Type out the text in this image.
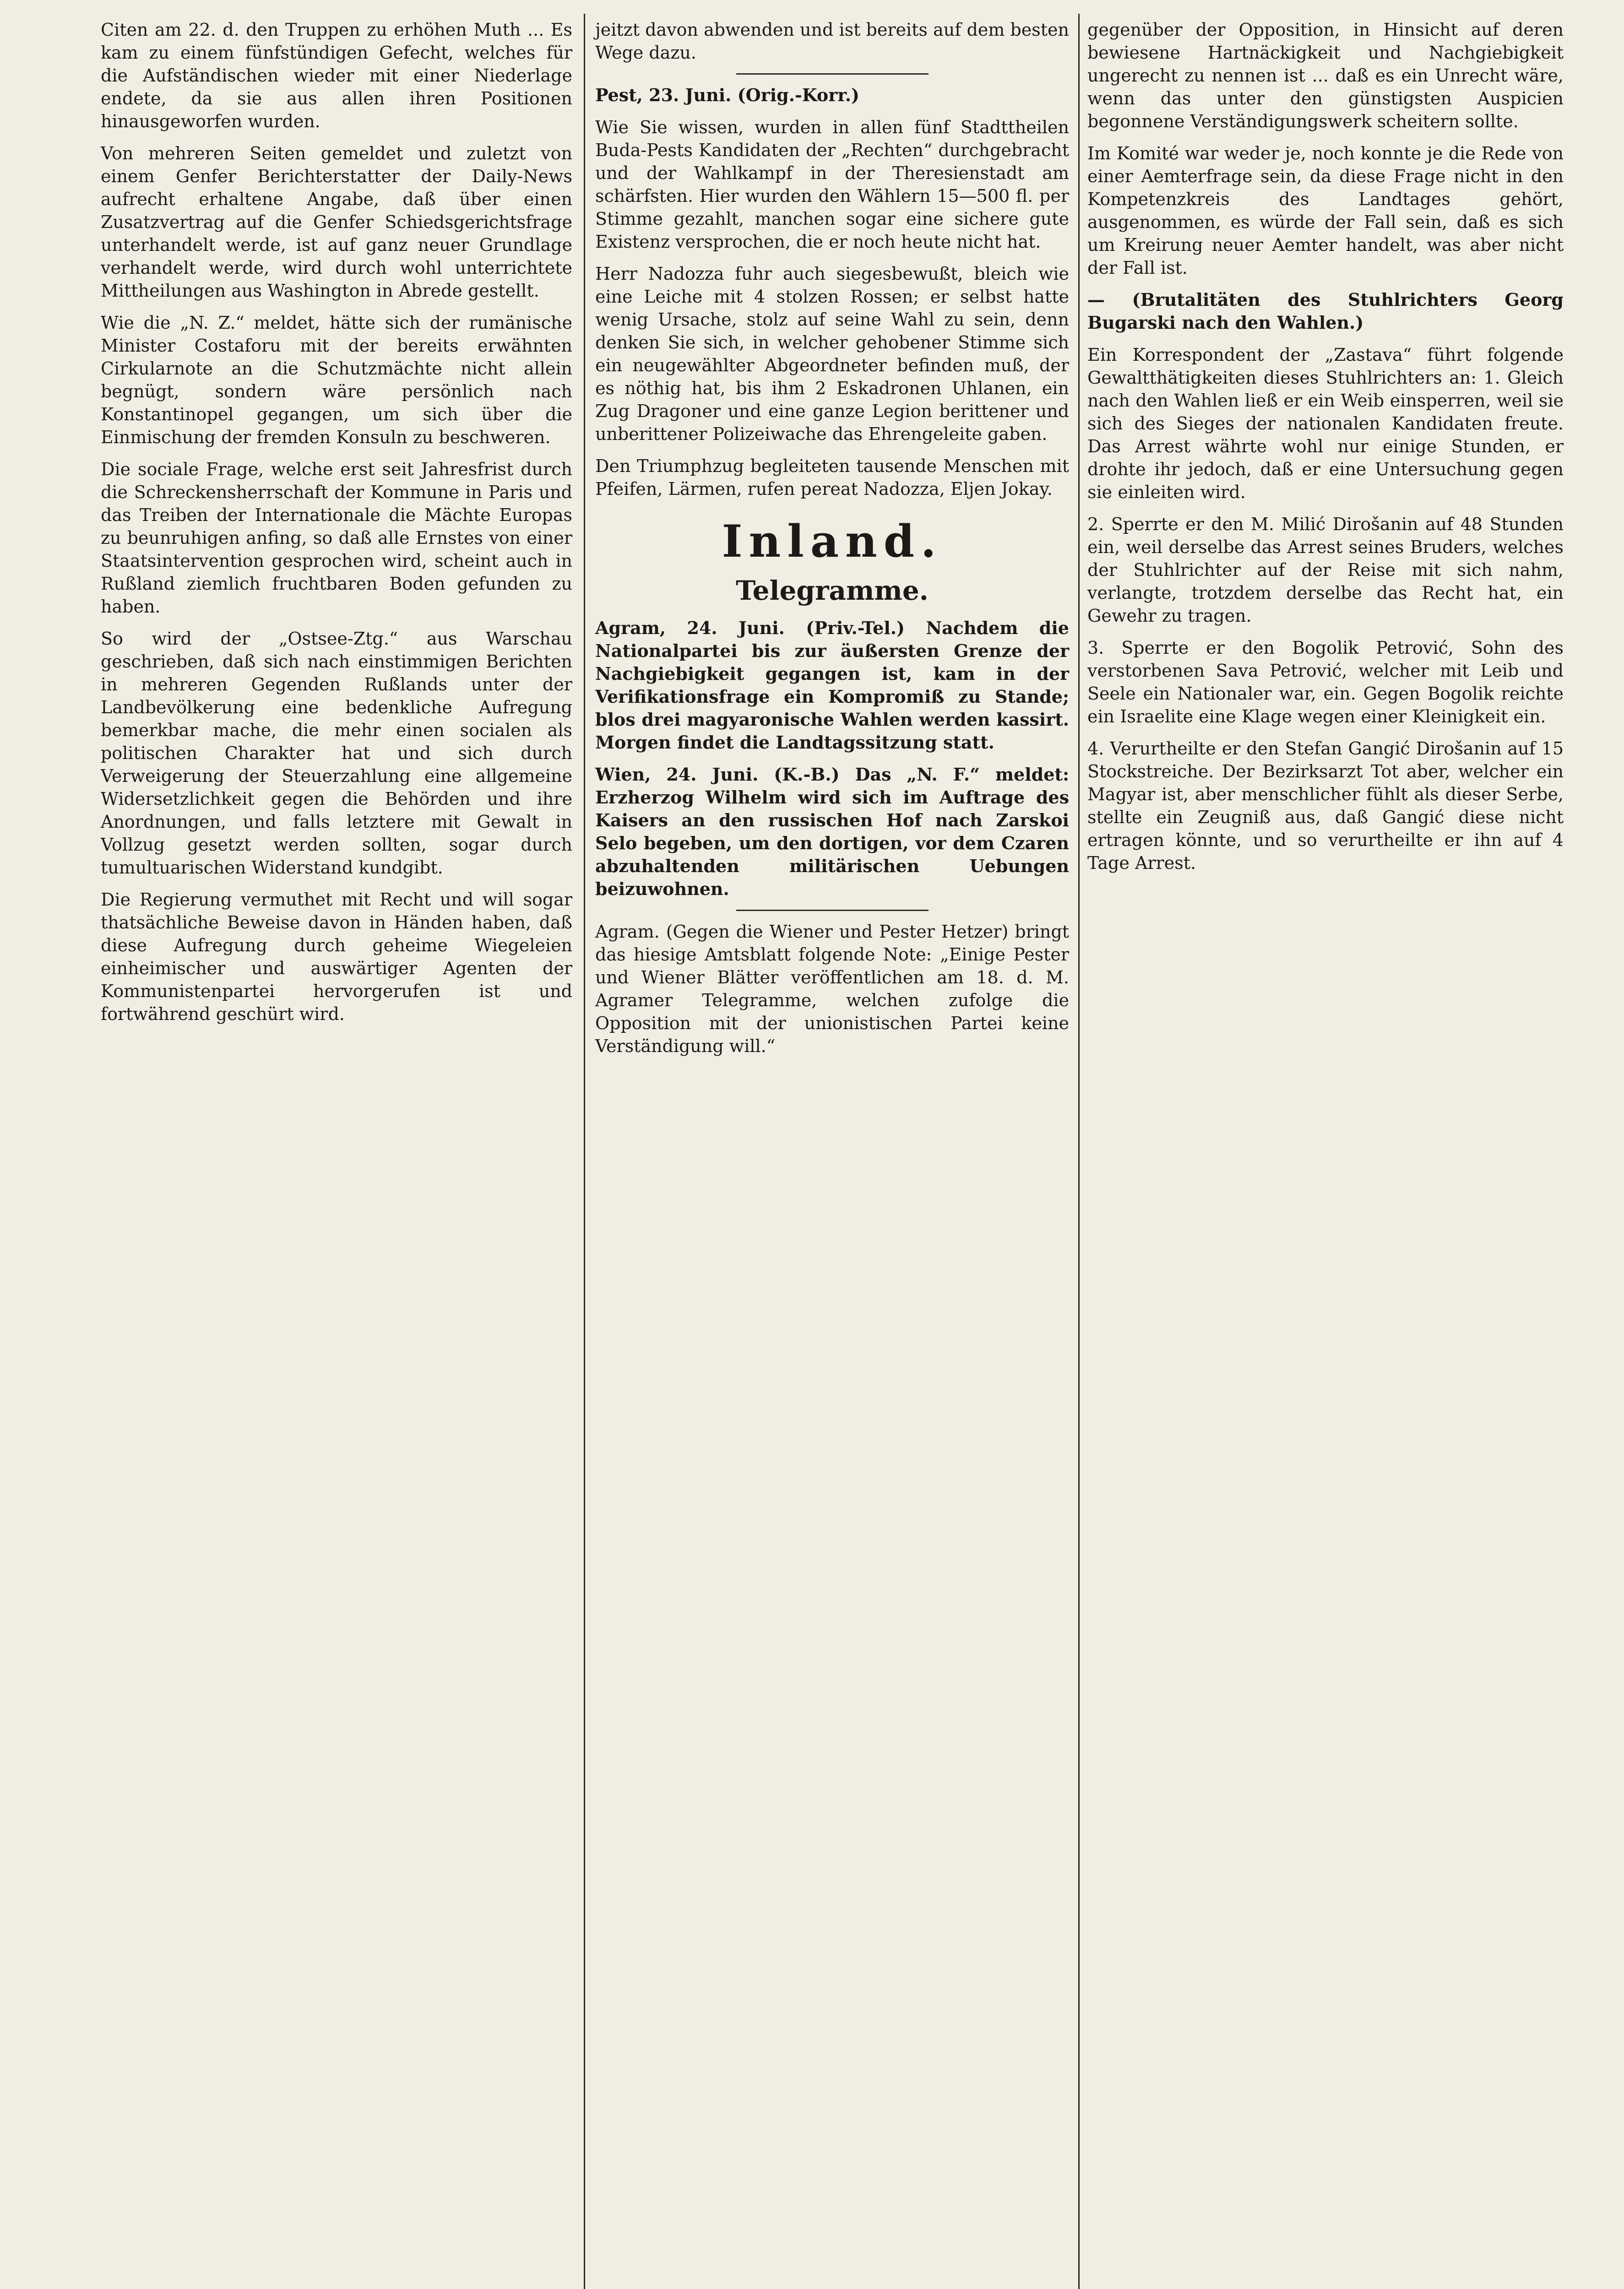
Citen am 22. d. den Truppen zu erhöhen Muth ... Es kam zu einem fünfstündigen Gefecht, welches für die Aufständischen wieder mit einer Niederlage endete, da sie aus allen ihren Positionen hinausgeworfen wurden.

Von mehreren Seiten gemeldet und zuletzt von einem Genfer Berichterstatter der Daily-News aufrecht erhaltene Angabe, daß über einen Zusatzvertrag auf die Genfer Schiedsgerichtsfrage unterhandelt werde, ist auf ganz neuer Grundlage verhandelt werde, wird durch wohl unterrichtete Mittheilungen aus Washington in Abrede gestellt.

Wie die „N. Z.“ meldet, hätte sich der rumänische Minister Costaforu mit der bereits erwähnten Cirkularnote an die Schutzmächte nicht allein begnügt, sondern wäre persönlich nach Konstantinopel gegangen, um sich über die Einmischung der fremden Konsuln zu beschweren.

Die sociale Frage, welche erst seit Jahresfrist durch die Schreckensherrschaft der Kommune in Paris und das Treiben der Internationale die Mächte Europas zu beunruhigen anfing, so daß alle Ernstes von einer Staatsintervention gesprochen wird, scheint auch in Rußland ziemlich fruchtbaren Boden gefunden zu haben.

So wird der „Ostsee-Ztg.“ aus Warschau geschrieben, daß sich nach einstimmigen Berichten in mehreren Gegenden Rußlands unter der Landbevölkerung eine bedenkliche Aufregung bemerkbar mache, die mehr einen socialen als politischen Charakter hat und sich durch Verweigerung der Steuerzahlung eine allgemeine Widersetzlichkeit gegen die Behörden und ihre Anordnungen, und falls letztere mit Gewalt in Vollzug gesetzt werden sollten, sogar durch tumultuarischen Widerstand kundgibt.

Die Regierung vermuthet mit Recht und will sogar thatsächliche Beweise davon in Händen haben, daß diese Aufregung durch geheime Wiegeleien einheimischer und auswärtiger Agenten der Kommunistenpartei hervorgerufen ist und fortwährend geschürt wird.

jeitzt davon abwenden und ist bereits auf dem besten Wege dazu.

Pest, 23. Juni. (Orig.-Korr.)

Wie Sie wissen, wurden in allen fünf Stadttheilen Buda-Pests Kandidaten der „Rechten“ durchgebracht und der Wahlkampf in der Theresienstadt am schärfsten. Hier wurden den Wählern 15—500 fl. per Stimme gezahlt, manchen sogar eine sichere gute Existenz versprochen, die er noch heute nicht hat.

Herr Nadozza fuhr auch siegesbewußt, bleich wie eine Leiche mit 4 stolzen Rossen; er selbst hatte wenig Ursache, stolz auf seine Wahl zu sein, denn denken Sie sich, in welcher gehobener Stimme sich ein neugewählter Abgeordneter befinden muß, der es nöthig hat, bis ihm 2 Eskadronen Uhlanen, ein Zug Dragoner und eine ganze Legion berittener und unberittener Polizeiwache das Ehrengeleite gaben.

Den Triumphzug begleiteten tausende Menschen mit Pfeifen, Lärmen, rufen pereat Nadozza, Eljen Jokay.

Inland.
Telegramme.

Agram, 24. Juni. (Priv.-Tel.) Nachdem die Nationalpartei bis zur äußersten Grenze der Nachgiebigkeit gegangen ist, kam in der Verifikationsfrage ein Kompromiß zu Stande; blos drei magyaronische Wahlen werden kassirt. Morgen findet die Landtagssitzung statt.

Wien, 24. Juni. (K.-B.) Das „N. F.“ meldet: Erzherzog Wilhelm wird sich im Auftrage des Kaisers an den russischen Hof nach Zarskoi Selo begeben, um den dortigen, vor dem Czaren abzuhaltenden militärischen Uebungen beizuwohnen.

Agram. (Gegen die Wiener und Pester Hetzer) bringt das hiesige Amtsblatt folgende Note: „Einige Pester und Wiener Blätter veröffentlichen am 18. d. M. Agramer Telegramme, welchen zufolge die Opposition mit der unionistischen Partei keine Verständigung will.“

gegenüber der Opposition, in Hinsicht auf deren bewiesene Hartnäckigkeit und Nachgiebigkeit ungerecht zu nennen ist ... daß es ein Unrecht wäre, wenn das unter den günstigsten Auspicien begonnene Verständigungswerk scheitern sollte.

Im Komité war weder je, noch konnte je die Rede von einer Aemterfrage sein, da diese Frage nicht in den Kompetenzkreis des Landtages gehört, ausgenommen, es würde der Fall sein, daß es sich um Kreirung neuer Aemter handelt, was aber nicht der Fall ist.

— (Brutalitäten des Stuhlrichters Georg Bugarski nach den Wahlen.)

Ein Korrespondent der „Zastava“ führt folgende Gewaltthätigkeiten dieses Stuhlrichters an: 1. Gleich nach den Wahlen ließ er ein Weib einsperren, weil sie sich des Sieges der nationalen Kandidaten freute. Das Arrest währte wohl nur einige Stunden, er drohte ihr jedoch, daß er eine Untersuchung gegen sie einleiten wird.

2. Sperrte er den M. Milić Dirošanin auf 48 Stunden ein, weil derselbe das Arrest seines Bruders, welches der Stuhlrichter auf der Reise mit sich nahm, verlangte, trotzdem derselbe das Recht hat, ein Gewehr zu tragen.

3. Sperrte er den Bogolik Petrović, Sohn des verstorbenen Sava Petrović, welcher mit Leib und Seele ein Nationaler war, ein. Gegen Bogolik reichte ein Israelite eine Klage wegen einer Kleinigkeit ein.

4. Verurtheilte er den Stefan Gangić Dirošanin auf 15 Stockstreiche. Der Bezirksarzt Tot aber, welcher ein Magyar ist, aber menschlicher fühlt als dieser Serbe, stellte ein Zeugniß aus, daß Gangić diese nicht ertragen könnte, und so verurtheilte er ihn auf 4 Tage Arrest.
